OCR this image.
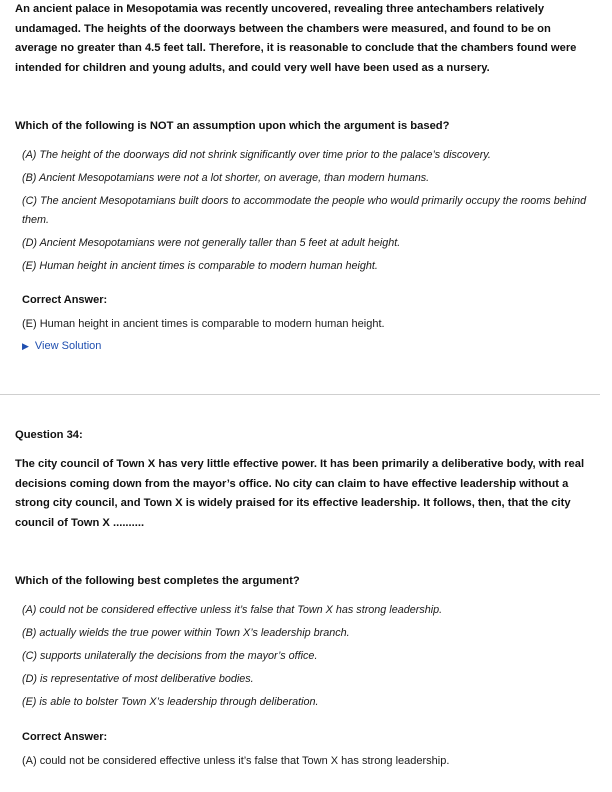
An ancient palace in Mesopotamia was recently uncovered, revealing three antechambers relatively undamaged. The heights of the doorways between the chambers were measured, and found to be on average no greater than 4.5 feet tall. Therefore, it is reasonable to conclude that the chambers found were intended for children and young adults, and could very well have been used as a nursery.

Which of the following is NOT an assumption upon which the argument is based?

(A) The height of the doorways did not shrink significantly over time prior to the palace’s discovery.
(B) Ancient Mesopotamians were not a lot shorter, on average, than modern humans.
(C) The ancient Mesopotamians built doors to accommodate the people who would primarily occupy the rooms behind them.
(D) Ancient Mesopotamians were not generally taller than 5 feet at adult height.
(E) Human height in ancient times is comparable to modern human height.

Correct Answer:

(E) Human height in ancient times is comparable to modern human height.

▶ View Solution

Question 34:

The city council of Town X has very little effective power. It has been primarily a deliberative body, with real decisions coming down from the mayor’s office. No city can claim to have effective leadership without a strong city council, and Town X is widely praised for its effective leadership. It follows, then, that the city council of Town X ..........

Which of the following best completes the argument?

(A) could not be considered effective unless it’s false that Town X has strong leadership.
(B) actually wields the true power within Town X’s leadership branch.
(C) supports unilaterally the decisions from the mayor’s office.
(D) is representative of most deliberative bodies.
(E) is able to bolster Town X’s leadership through deliberation.

Correct Answer:

(A) could not be considered effective unless it’s false that Town X has strong leadership.
